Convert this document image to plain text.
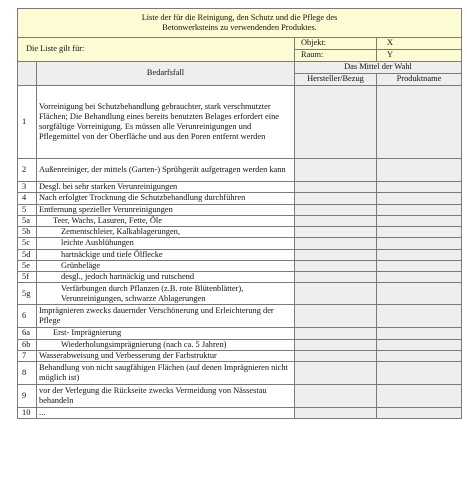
Liste der für die Reinigung, den Schutz und die Pflege des
Betonwerksteins zu verwendenden Produktes.			
Die Liste gilt für:		Objekt:	X
		Raum:	Y
	Bedarfsfall	Das Mittel der Wahl	
		Hersteller/Bezug	Produktname
1	Vorreinigung bei Schutzbehandlung gebrauchter, stark verschmutzter Flächen; Die Behandlung eines bereits benutzten Belages erfordert eine sorgfältige Vorreinigung. Es müssen alle Verunreinigungen und Pflegemittel von der Oberfläche und aus den Poren entfernt werden		
2	Außenreiniger, der mittels (Garten-) Sprühgerät aufgetragen werden kann		
3	Desgl. bei sehr starken Verunreinigungen		
4	Nach erfolgter Trocknung die Schutzbehandlung durchführen		
5	Entfernung spezieller Verunreinigungen		
5a	Teer, Wachs, Lasuren, Fette, Öle		
5b	Zementschleier, Kalkablagerungen,		
5c	leichte Ausblühungen		
5d	hartnäckige und tiefe Ölflecke		
5e	Grünbeläge		
5f	desgl., jedoch hartnäckig und rutschend		
5g	Verfärbungen durch Pflanzen (z.B. rote Blütenblätter), Verunreinigungen, schwarze Ablagerungen		
6	Imprägnieren zwecks dauernder Verschönerung und Erleichterung der Pflege		
6a	Erst- Imprägnierung		
6b	Wiederholungsimprägnierung (nach ca. 5 Jahren)		
7	Wasserabweisung und Verbesserung der Farbstruktur		
8	Behandlung von nicht saugfähigen Flächen (auf denen Imprägnieren nicht möglich ist)		
9	vor der Verlegung die Rückseite zwecks Vermeidung von Nässestau behandeln		
10	...		
